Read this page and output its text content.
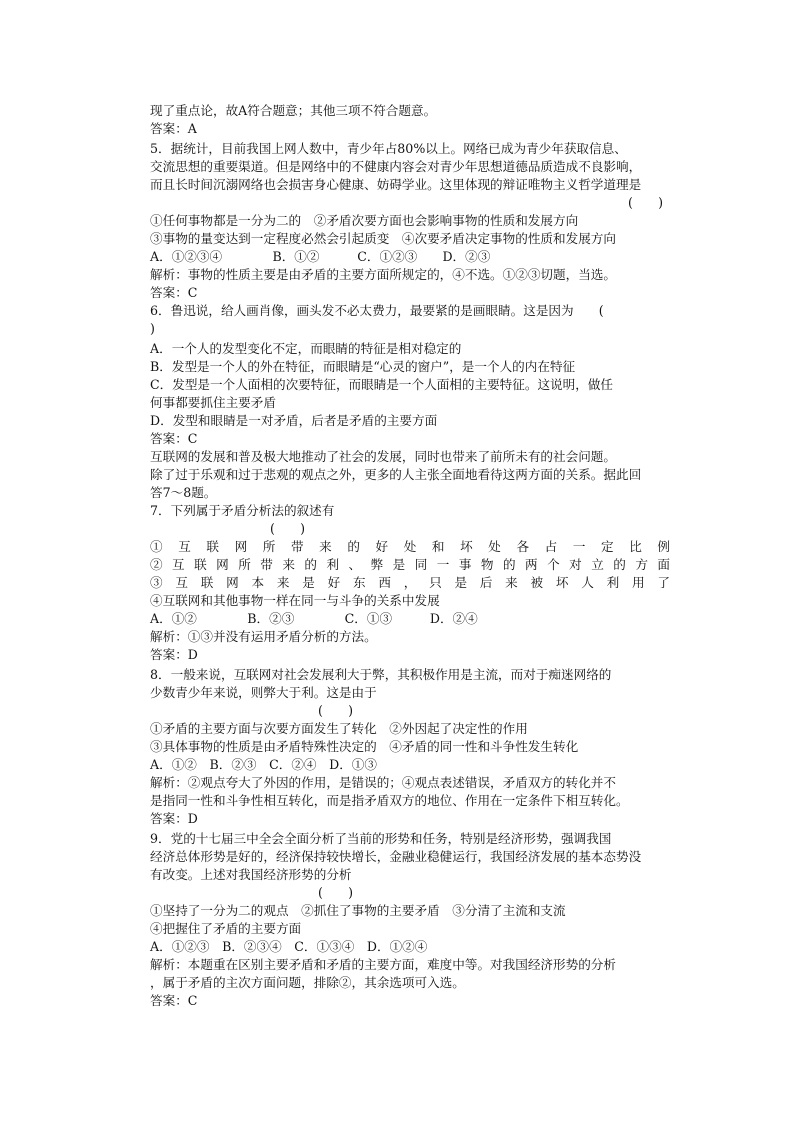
现了重点论，故A符合题意；其他三项不符合题意。
答案：A
5．据统计，目前我国上网人数中，青少年占80%以上。网络已成为青少年获取信息、
交流思想的重要渠道。但是网络中的不健康内容会对青少年思想道德品质造成不良影响，
而且长时间沉溺网络也会损害身心健康、妨碍学业。这里体现的辩证唯物主义哲学道理是
(　　)
①任何事物都是一分为二的　②矛盾次要方面也会影响事物的性质和发展方向
③事物的量变达到一定程度必然会引起质变　④次要矛盾决定事物的性质和发展方向
A．①②③④　　　　B．①②　　　C．①②③　　D．②③
解析：事物的性质主要是由矛盾的主要方面所规定的，④不选。①②③切题，当选。
答案：C
6．鲁迅说，给人画肖像，画头发不必太费力，最要紧的是画眼睛。这是因为　　(
)
A．一个人的发型变化不定，而眼睛的特征是相对稳定的
B．发型是一个人的外在特征，而眼睛是“心灵的窗户”，是一个人的内在特征
C．发型是一个人面相的次要特征，而眼睛是一个人面相的主要特征。这说明，做任
何事都要抓住主要矛盾
D．发型和眼睛是一对矛盾，后者是矛盾的主要方面
答案：C
互联网的发展和普及极大地推动了社会的发展，同时也带来了前所未有的社会问题。
除了过于乐观和过于悲观的观点之外，更多的人主张全面地看待这两方面的关系。据此回
答7～8题。
7．下列属于矛盾分析法的叙述有
(　　)
①互联网所带来的好处和坏处各占一定比例
②互联网所带来的利、弊是同一事物的两个对立的方面
③互联网本来是好东西，只是后来被坏人利用了
④互联网和其他事物一样在同一与斗争的关系中发展
A．①②　　　　B．②③　　　　C．①③　　　D．②④
解析：①③并没有运用矛盾分析的方法。
答案：D
8．一般来说，互联网对社会发展利大于弊，其积极作用是主流，而对于痴迷网络的
少数青少年来说，则弊大于利。这是由于
(　　)
①矛盾的主要方面与次要方面发生了转化　②外因起了决定性的作用
③具体事物的性质是由矛盾特殊性决定的　④矛盾的同一性和斗争性发生转化
A．①②　B．②③　C．②④　D．①③
解析：②观点夸大了外因的作用，是错误的；④观点表述错误，矛盾双方的转化并不
是指同一性和斗争性相互转化，而是指矛盾双方的地位、作用在一定条件下相互转化。
答案：D
9．党的十七届三中全会全面分析了当前的形势和任务，特别是经济形势，强调我国
经济总体形势是好的，经济保持较快增长，金融业稳健运行，我国经济发展的基本态势没
有改变。上述对我国经济形势的分析
(　　)
①坚持了一分为二的观点　②抓住了事物的主要矛盾　③分清了主流和支流
④把握住了矛盾的主要方面
A．①②③　B．②③④　C．①③④　D．①②④
解析：本题重在区别主要矛盾和矛盾的主要方面，难度中等。对我国经济形势的分析
，属于矛盾的主次方面问题，排除②，其余选项可入选。
答案：C
